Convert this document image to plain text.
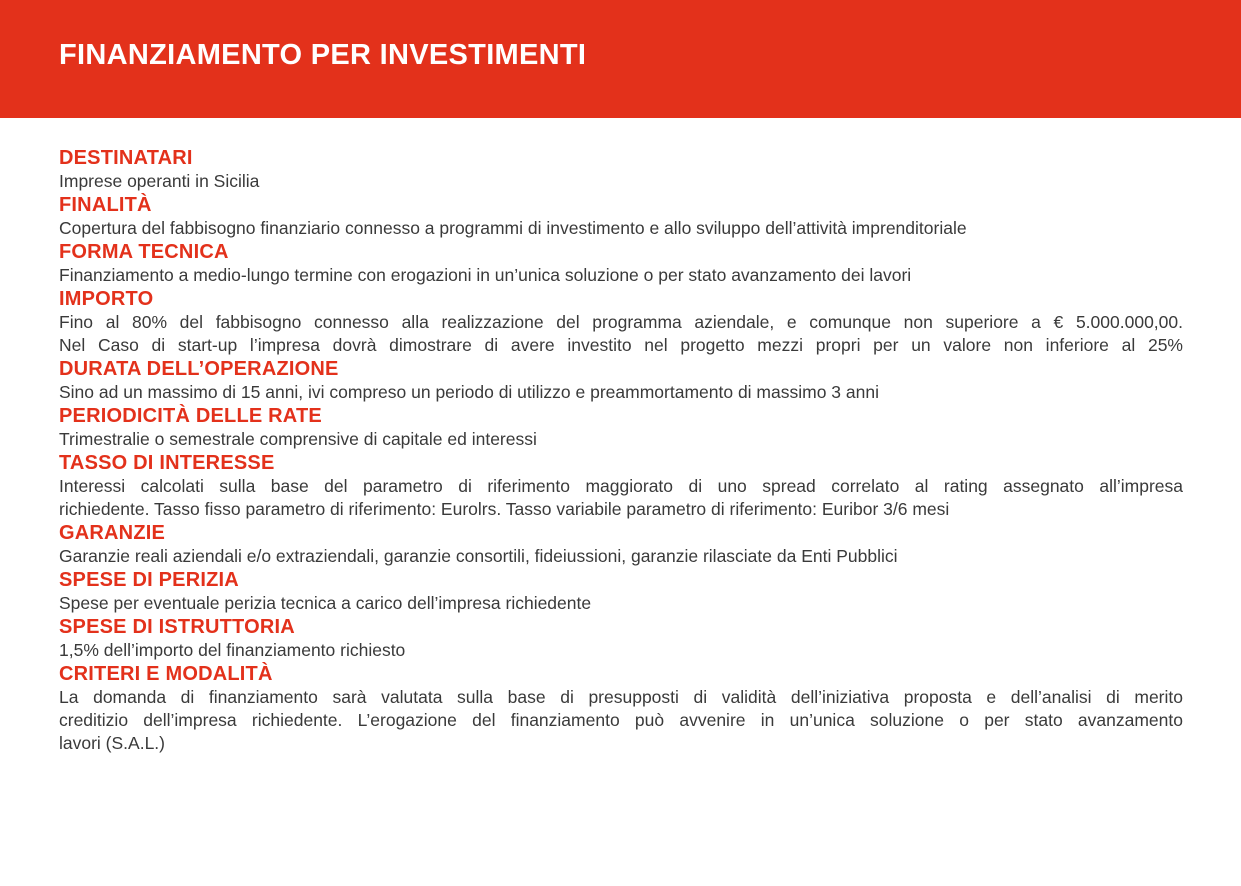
FINANZIAMENTO PER INVESTIMENTI
DESTINATARI

Imprese operanti in Sicilia

FINALITÀ

Copertura del fabbisogno finanziario connesso a programmi di investimento e allo sviluppo dell’attività imprenditoriale

FORMA TECNICA

Finanziamento a medio-lungo termine con erogazioni in un’unica soluzione o per stato avanzamento dei lavori

IMPORTO

Fino al 80% del fabbisogno connesso alla realizzazione del programma aziendale, e comunque non superiore a € 5.000.000,00.

Nel Caso di start-up l’impresa dovrà dimostrare di avere investito nel progetto mezzi propri per un valore non inferiore al 25%

DURATA DELL’OPERAZIONE

Sino ad un massimo di 15 anni, ivi compreso un periodo di utilizzo e preammortamento di massimo 3 anni

PERIODICITÀ DELLE RATE

Trimestralie o semestrale comprensive di capitale ed interessi

TASSO DI INTERESSE

Interessi calcolati sulla base del parametro di riferimento maggiorato di uno spread correlato al rating assegnato all’impresa

richiedente. Tasso fisso parametro di riferimento: Eurolrs. Tasso variabile parametro di riferimento: Euribor 3/6 mesi

GARANZIE

Garanzie reali aziendali e/o extraziendali, garanzie consortili, fideiussioni, garanzie rilasciate da Enti Pubblici

SPESE DI PERIZIA

Spese per eventuale perizia tecnica a carico dell’impresa richiedente

SPESE DI ISTRUTTORIA

1,5% dell’importo del finanziamento richiesto

CRITERI E MODALITÀ

La domanda di finanziamento sarà valutata sulla base di presupposti di validità dell’iniziativa proposta e dell’analisi di merito

creditizio dell’impresa richiedente. L’erogazione del finanziamento può avvenire in un’unica soluzione o per stato avanzamento

lavori (S.A.L.)
